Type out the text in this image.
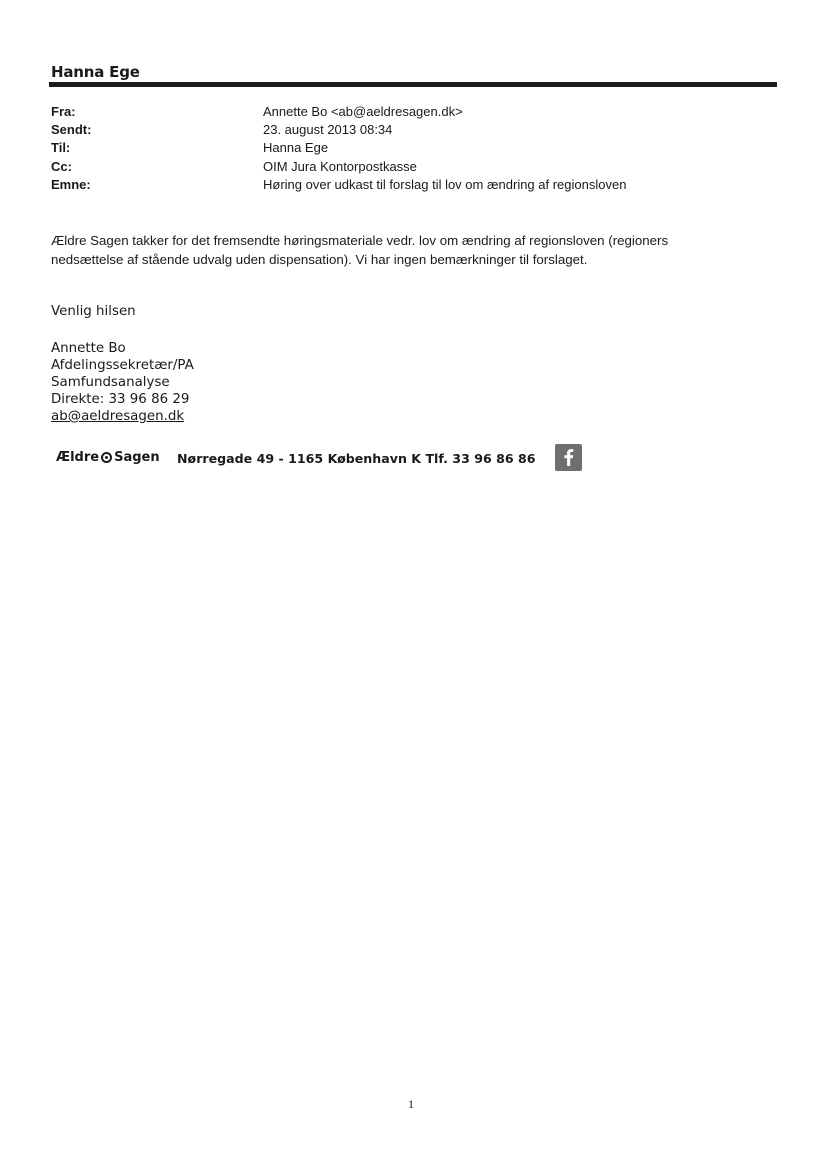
Hanna Ege
Fra:	Annette Bo <ab@aeldresagen.dk>
Sendt:	23. august 2013 08:34
Til:	Hanna Ege
Cc:	OIM Jura Kontorpostkasse
Emne:	Høring over udkast til forslag til lov om ændring af regionsloven
Ældre Sagen takker for det fremsendte høringsmateriale vedr. lov om ændring af regionsloven (regioners
nedsættelse af stående udvalg uden dispensation). Vi har ingen bemærkninger til forslaget.
Venlig hilsen
Annette Bo
Afdelingssekretær/PA
Samfundsanalyse
Direkte: 33 96 86 29
ab@aeldresagen.dk
Ældre Sagen Nørregade 49 - 1165 København K Tlf. 33 96 86 86
1
